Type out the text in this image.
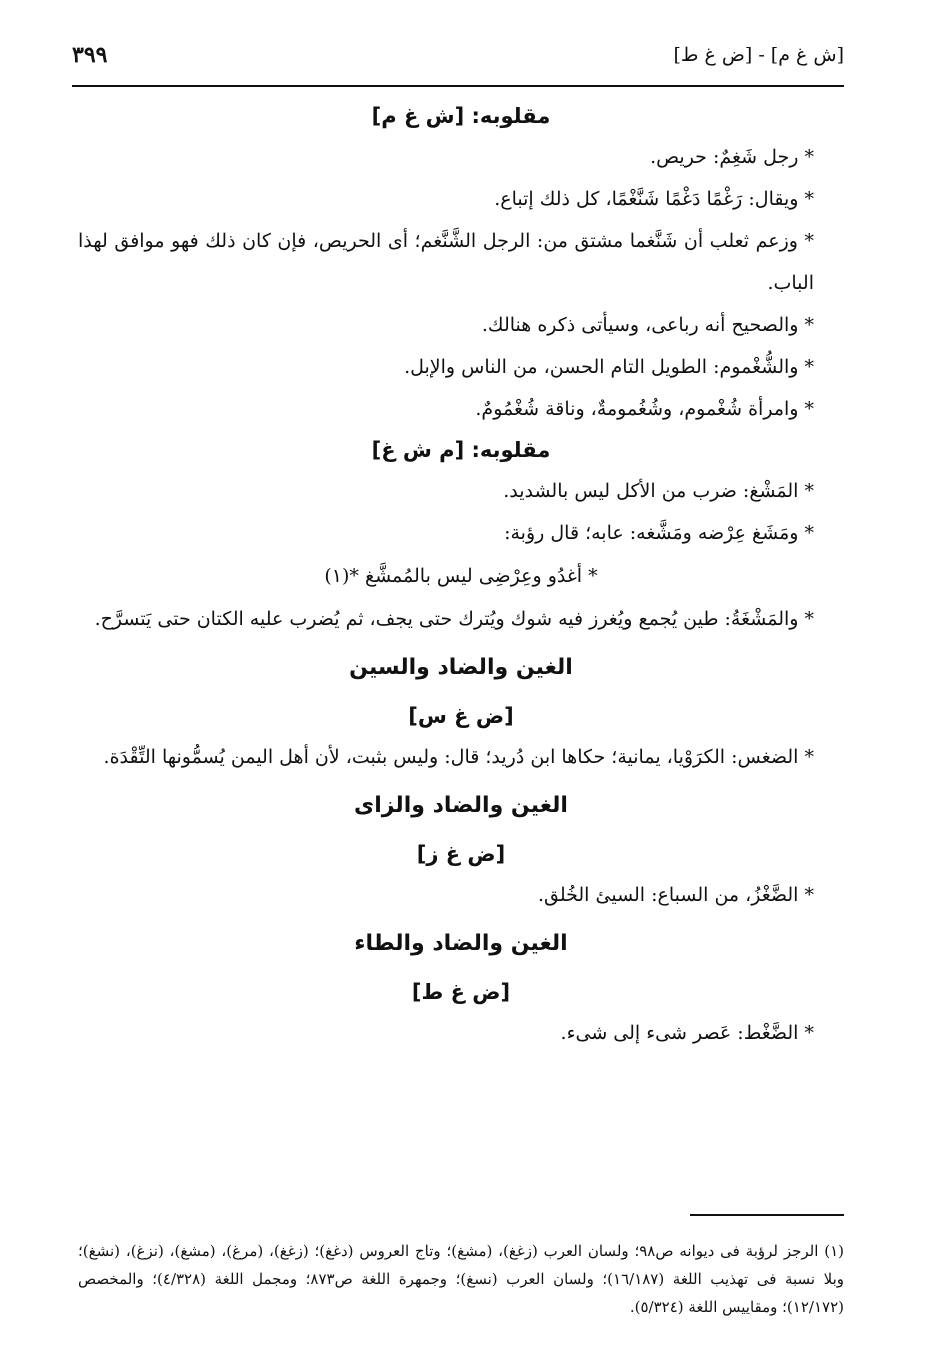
[ش غ م] - [ض غ ط]
٣٩٩

مقلوبه: [ش غ م]

* رجل شَغِمٌ: حريص.

* ويقال: رَغْمًا دَغْمًا شَنَّغْمًا، كل ذلك إتباع.

* وزعم ثعلب أن شَنَّغما مشتق من: الرجل الشَّنَّغم؛ أى الحريص، فإن كان ذلك فهو موافق لهذا الباب.

* والصحيح أنه رباعى، وسيأتى ذكره هنالك.

* والشُّغْموم: الطويل التام الحسن، من الناس والإبل.

* وامرأة شُغْموم، وشُغُمومةٌ، وناقة شُغْمُومٌ.

مقلوبه: [م ش غ]

* المَشْغ: ضرب من الأكل ليس بالشديد.

* ومَشَغ عِرْضه ومَشَّغه: عابه؛ قال رؤبة:

* أغدُو وعِرْضِى ليس بالمُمشَّغ *(١)

* والمَشْغَةُ: طين يُجمع ويُغرز فيه شوك ويُترك حتى يجف، ثم يُضرب عليه الكتان حتى يَتسرَّح.

الغين والضاد والسين

[ض غ س]

* الضغس: الكرَوْيا، يمانية؛ حكاها ابن دُريد؛ قال: وليس بثبت، لأن أهل اليمن يُسمُّونها التِّقْدَة.

الغين والضاد والزاى

[ض غ ز]

* الضَّغْزُ، من السباع: السيئ الخُلق.

الغين والضاد والطاء

[ض غ ط]

* الضَّغْط: عَصر شىء إلى شىء.

(١) الرجز لرؤبة فى ديوانه ص٩٨؛ ولسان العرب (زغغ)، (مشغ)؛ وتاج العروس (دغغ)؛ (زغغ)، (مرغ)، (مشغ)، (نزغ)، (نشغ)؛ وبلا نسبة فى تهذيب اللغة (١٦/١٨٧)؛ ولسان العرب (نسغ)؛ وجمهرة اللغة ص٨٧٣؛ ومجمل اللغة (٤/٣٢٨)؛ والمخصص (١٢/١٧٢)؛ ومقاييس اللغة (٥/٣٢٤).
